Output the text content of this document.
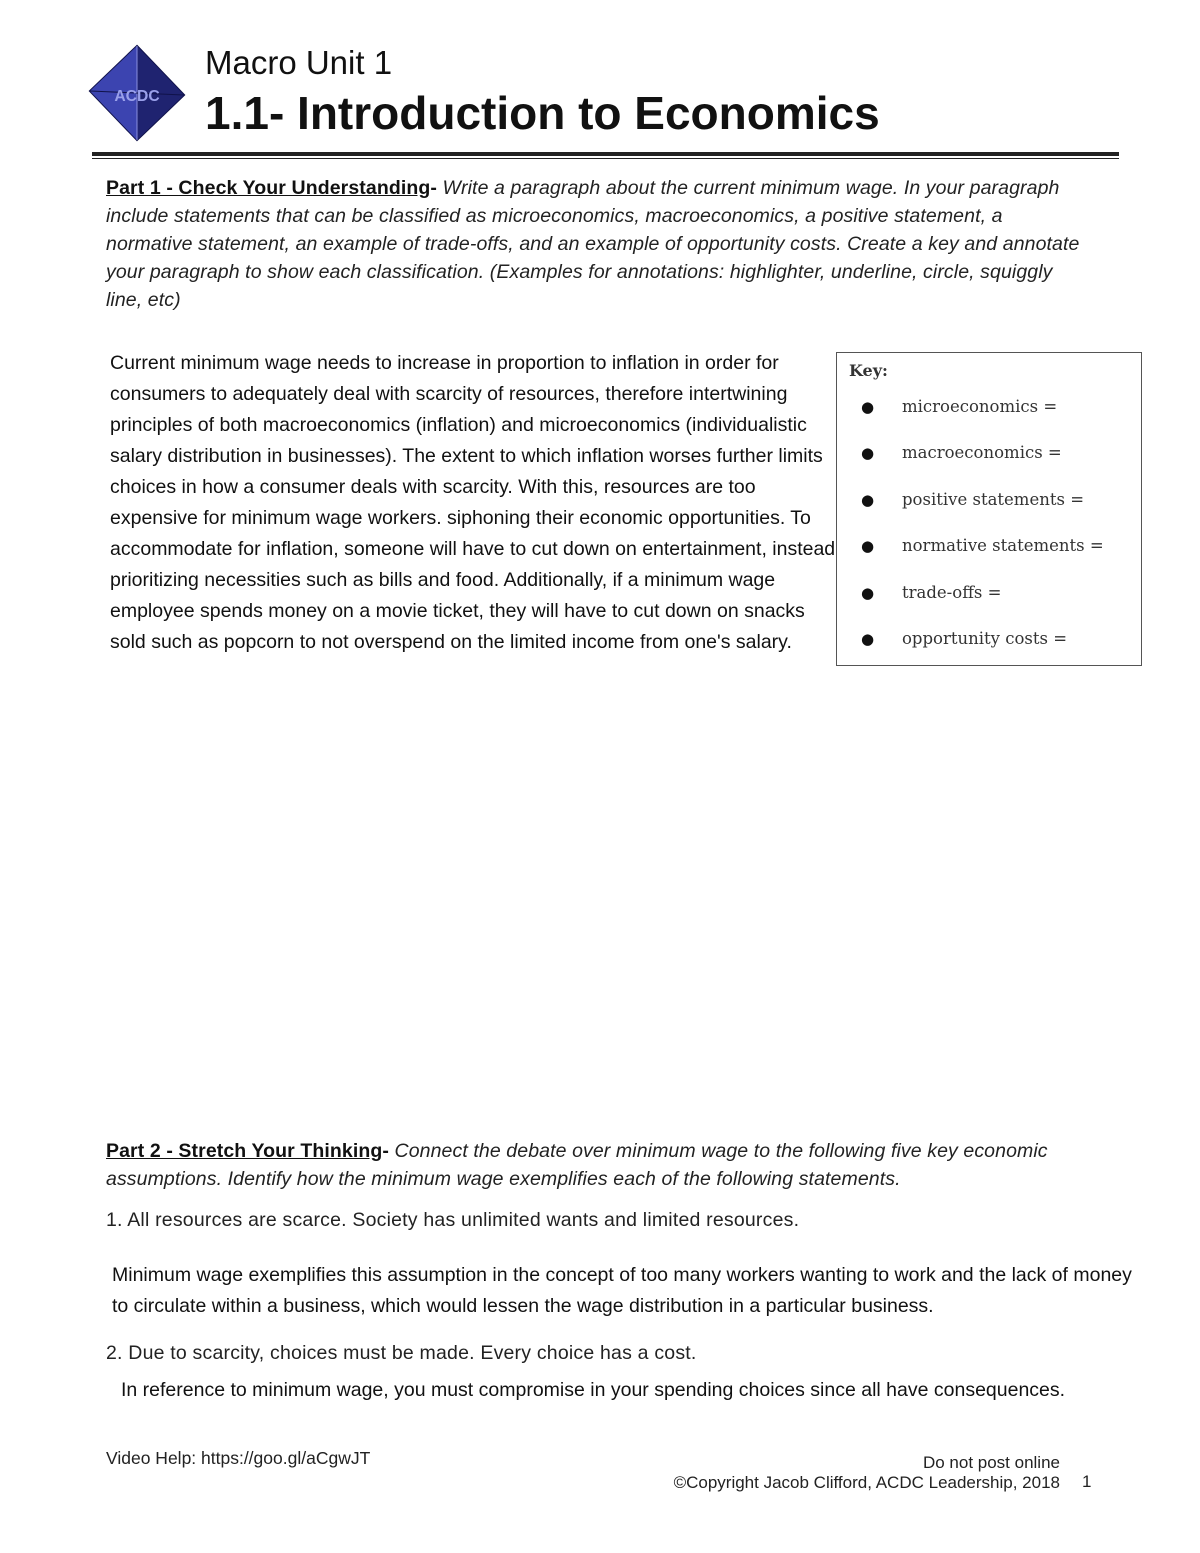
ACDC
Macro Unit 1
1.1- Introduction to Economics
Part 1 - Check Your Understanding- Write a paragraph about the current minimum wage. In your paragraph include statements that can be classified as microeconomics, macroeconomics, a positive statement, a normative statement, an example of trade-offs, and an example of opportunity costs. Create a key and annotate your paragraph to show each classification. (Examples for annotations: highlighter, underline, circle, squiggly line, etc)
Current minimum wage needs to increase in proportion to inflation in order for consumers to adequately deal with scarcity of resources, therefore intertwining principles of both macroeconomics (inflation) and microeconomics (individualistic salary distribution in businesses). The extent to which inflation worses further limits choices in how a consumer deals with scarcity. With this, resources are too expensive for minimum wage workers. siphoning their economic opportunities. To accommodate for inflation, someone will have to cut down on entertainment, instead prioritizing necessities such as bills and food. Additionally, if a minimum wage employee spends money on a movie ticket, they will have to cut down on snacks sold such as popcorn to not overspend on the limited income from one's salary.
Key:
● microeconomics =
● macroeconomics =
● positive statements =
● normative statements =
● trade-offs =
● opportunity costs =
Part 2 - Stretch Your Thinking- Connect the debate over minimum wage to the following five key economic assumptions. Identify how the minimum wage exemplifies each of the following statements.
1. All resources are scarce. Society has unlimited wants and limited resources.
Minimum wage exemplifies this assumption in the concept of too many workers wanting to work and the lack of money to circulate within a business, which would lessen the wage distribution in a particular business.
2. Due to scarcity, choices must be made. Every choice has a cost.
In reference to minimum wage, you must compromise in your spending choices since all have consequences.
Video Help: https://goo.gl/aCgwJT	Do not post online
©Copyright Jacob Clifford, ACDC Leadership, 2018 1
